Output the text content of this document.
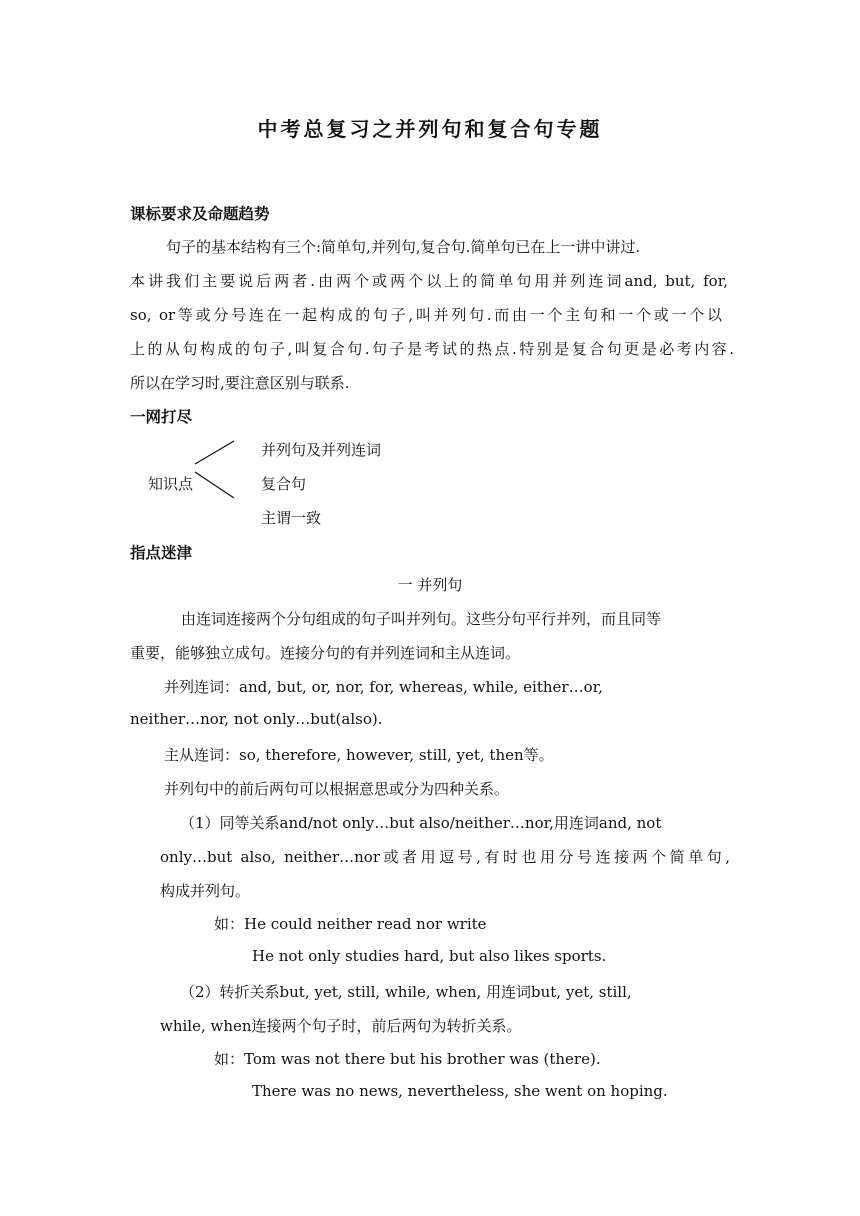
中考总复习之并列句和复合句专题
课标要求及命题趋势
句子的基本结构有三个:简单句,并列句,复合句.简单句已在上一讲中讲过.
本讲我们主要说后两者.由两个或两个以上的简单句用并列连词and, but, for,
so, or等或分号连在一起构成的句子,叫并列句.而由一个主句和一个或一个以
上的从句构成的句子,叫复合句.句子是考试的热点.特别是复合句更是必考内容.
所以在学习时,要注意区别与联系.
一网打尽
知识点
并列句及并列连词
复合句
主谓一致
指点迷津
一 并列句
由连词连接两个分句组成的句子叫并列句。这些分句平行并列，而且同等
重要，能够独立成句。连接分句的有并列连词和主从连词。
并列连词：and, but, or, nor, for, whereas, while, either…or,
neither…nor, not only…but(also).
主从连词：so, therefore, however, still, yet, then等。
并列句中的前后两句可以根据意思或分为四种关系。
（1）同等关系and/not only…but also/neither…nor,用连词and, not
only…but also, neither…nor或者用逗号,有时也用分号连接两个简单句,
构成并列句。
如：He could neither read nor write
He not only studies hard, but also likes sports.
（2）转折关系but, yet, still, while, when, 用连词but, yet, still,
while, when连接两个句子时，前后两句为转折关系。
如：Tom was not there but his brother was (there).
There was no news, nevertheless, she went on hoping.
